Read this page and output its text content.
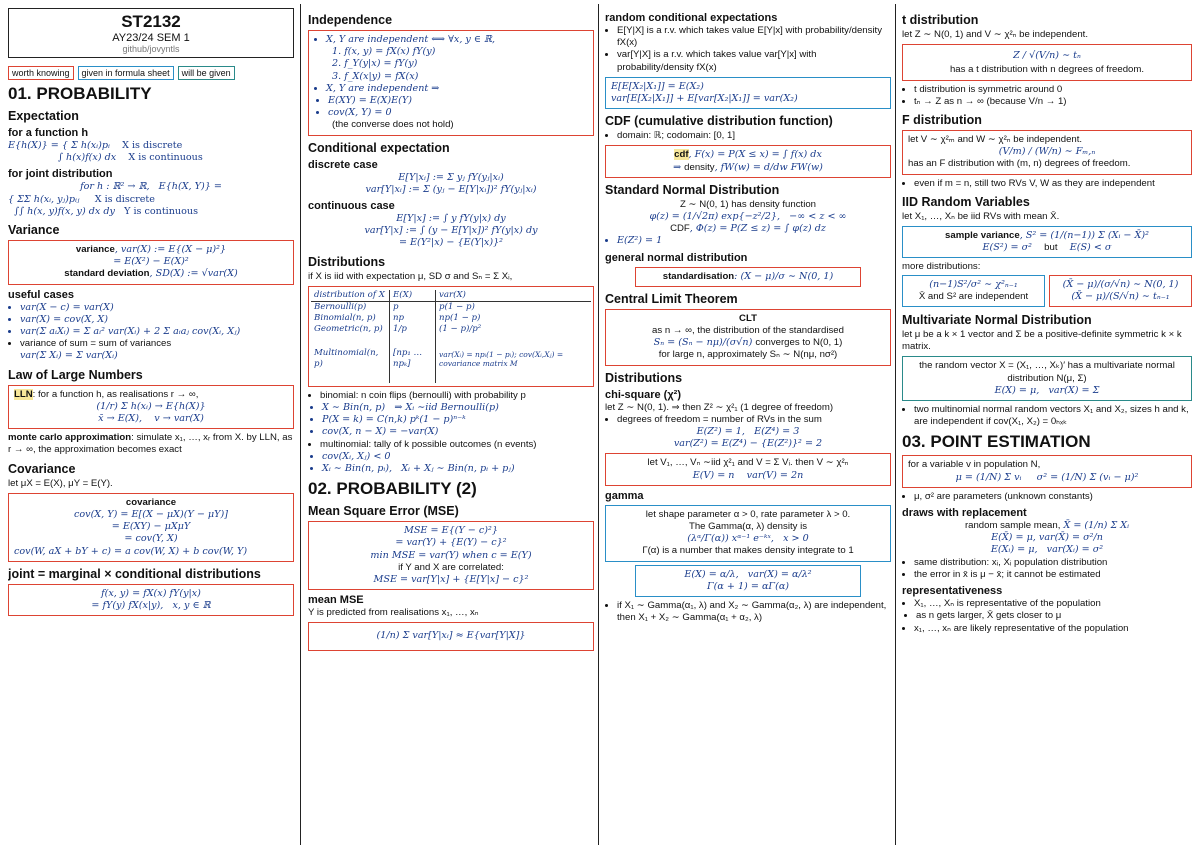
ST2132
AY23/24 SEM 1
github/jovyntls
worth knowing	given in formula sheet	will be given
01. PROBABILITY
Expectation
for a function h

E{h(X)} = { Σ h(xᵢ)pᵢ    X is discrete

∫ h(x)f(x) dx    X is continuous

for joint distribution

for h : ℝ² → ℝ,   E{h(X, Y)} =

{ ΣΣ h(xᵢ, yⱼ)pᵢⱼ     X is discrete

∫∫ h(x, y)f(x, y) dx dy   Y is continuous

Variance

variance, var(X) := E{(X − μ)²}

= E(X²) − E(X)²

standard deviation, SD(X) := √var(X)

useful cases
• var(X − c) = var(X)
• var(X) = cov(X, X)
• var(Σ aᵢXᵢ) = Σ aᵢ² var(Xᵢ) + 2 Σ aᵢaⱼ cov(Xᵢ, Xⱼ)
• variance of sum = sum of variances
var(Σ Xᵢ) = Σ var(Xᵢ)
Law of Large Numbers

LLN: for a function h, as realisations r → ∞,

(1/r) Σ h(xᵢ) → E{h(X)}

x̄ → E(X),    v → var(X)

monte carlo approximation: simulate x₁, …, xᵣ from X. by LLN, as r → ∞, the approximation becomes exact

Covariance

let μX = E(X), μY = E(Y).

covariance

cov(X, Y) = E[(X − μX)(Y − μY)]

= E(XY) − μXμY

= cov(Y, X)

cov(W, aX + bY + c) = a cov(W, X) + b cov(W, Y)

joint = marginal × conditional distributions

f(x, y) = fX(x) fY(y|x)

= fY(y) fX(x|y),   x, y ∈ ℝ

Independence
• X, Y are independent ⟺ ∀x, y ∈ ℝ,

1. f(x, y) = fX(x) fY(y)

2. f_Y(y|x) = fY(y)

3. f_X(x|y) = fX(x)

• X, Y are independent ⇒
• E(XY) = E(X)E(Y)
• cov(X, Y) = 0

(the converse does not hold)

Conditional expectation
discrete case

E[Y|xᵢ] := Σ yⱼ fY(yⱼ|xᵢ)

var[Y|xᵢ] := Σ (yⱼ − E[Y|xᵢ])² fY(yⱼ|xᵢ)

continuous case

E[Y|x] := ∫ y fY(y|x) dy

var[Y|x] := ∫ (y − E[Y|x])² fY(y|x) dy

= E(Y²|x) − {E(Y|x)}²

Distributions

if X is iid with expectation μ, SD σ and Sₙ = Σ Xᵢ,

distribution of X	E(X)	var(X)
Bernoulli(p)	p	p(1 − p)
Binomial(n, p)	np	np(1 − p)
Geometric(n, p)	1/p	(1 − p)/p²
Multinomial(n, p)	[np₁ … npₖ]	var(Xᵢ) = npᵢ(1 − pᵢ); cov(Xᵢ,Xⱼ) = covariance matrix M
• binomial: n coin flips (bernoulli) with probability p
• X ∼ Bin(n, p)   ⇒ Xᵢ ∼iid Bernoulli(p)
• P(X = k) = C(n,k) pᵏ(1 − p)ⁿ⁻ᵏ
• cov(X, n − X) = −var(X)
• multinomial: tally of k possible outcomes (n events)
• cov(Xᵢ, Xⱼ) < 0
• Xᵢ ∼ Bin(n, pᵢ),   Xᵢ + Xⱼ ∼ Bin(n, pᵢ + pⱼ)
02. PROBABILITY (2)
Mean Square Error (MSE)

MSE = E{(Y − c)²}

= var(Y) + {E(Y) − c}²

min MSE = var(Y) when c = E(Y)

if Y and X are correlated:

MSE = var[Y|x] + {E[Y|x] − c}²

mean MSE

Y is predicted from realisations x₁, …, xₙ

(1/n) Σ var[Y|xᵢ] ≈ E{var[Y|X]}

random conditional expectations
• E[Y|X] is a r.v. which takes value E[Y|x] with probability/density fX(x)
• var[Y|X] is a r.v. which takes value var[Y|x] with probability/density fX(x)

E[E[X₂|X₁]] = E(X₂)

var[E[X₂|X₁]] + E[var[X₂|X₁]] = var(X₂)

CDF (cumulative distribution function)
• domain: ℝ; codomain: [0, 1]

cdf, F(x) = P(X ≤ x) = ∫ f(x) dx

⇒ density, fW(w) = d/dw FW(w)

Standard Normal Distribution

Z ∼ N(0, 1) has density function

φ(z) = (1/√2π) exp{−z²/2},   −∞ < z < ∞

CDF, Φ(z) = P(Z ≤ z) = ∫ φ(z) dz

• E(Z²) = 1
general normal distribution

standardisation: (X − μ)/σ ∼ N(0, 1)

Central Limit Theorem

CLT

as n → ∞, the distribution of the standardised

Sₙ = (Sₙ − nμ)/(σ√n) converges to N(0, 1)

for large n, approximately Sₙ ∼ N(nμ, nσ²)

Distributions
chi-square (χ²)

let Z ∼ N(0, 1). ⇒ then Z² ∼ χ²₁ (1 degree of freedom)

• degrees of freedom = number of RVs in the sum

E(Z²) = 1,   E(Z⁴) = 3

var(Z²) = E(Z⁴) − {E(Z²)}² = 2

let V₁, …, Vₙ ∼iid χ²₁ and V = Σ Vᵢ. then V ∼ χ²ₙ

E(V) = n    var(V) = 2n

gamma

let shape parameter α > 0, rate parameter λ > 0.

The Gamma(α, λ) density is

(λᵅ/Γ(α)) xᵅ⁻¹ e⁻ᵏˣ,   x > 0

Γ(α) is a number that makes density integrate to 1

E(X) = α/λ,   var(X) = α/λ²

Γ(α + 1) = αΓ(α)

• if X₁ ∼ Gamma(α₁, λ) and X₂ ∼ Gamma(α₂, λ) are independent, then X₁ + X₂ ∼ Gamma(α₁ + α₂, λ)
t distribution

let Z ∼ N(0, 1) and V ∼ χ²ₙ be independent.

Z / √(V/n) ∼ tₙ

has a t distribution with n degrees of freedom.

• t distribution is symmetric around 0
• tₙ → Z as n → ∞ (because V/n → 1)
F distribution

let V ∼ χ²ₘ and W ∼ χ²ₙ be independent.

(V/m) / (W/n) ∼ Fₘ,ₙ

has an F distribution with (m, n) degrees of freedom.

• even if m = n, still two RVs V, W as they are independent
IID Random Variables

let X₁, …, Xₙ be iid RVs with mean X̄.

sample variance, S² = (1/(n−1)) Σ (Xᵢ − X̄)²

E(S²) = σ²    but    E(S) < σ

more distributions:

(n−1)S²/σ² ∼ χ²ₙ₋₁

X̄ and S² are independent

(X̄ − μ)/(σ/√n) ∼ N(0, 1)

(X̄ − μ)/(S/√n) ∼ tₙ₋₁

Multivariate Normal Distribution

let μ be a k × 1 vector and Σ be a positive-definite symmetric k × k matrix.

the random vector X = (X₁, …, Xₖ)′ has a multivariate normal distribution N(μ, Σ)

E(X) = μ,   var(X) = Σ

• two multinomial normal random vectors X₁ and X₂, sizes h and k, are independent if cov(X₁, X₂) = 0ₕₓₖ
03. POINT ESTIMATION

for a variable v in population N,

μ = (1/N) Σ vᵢ     σ² = (1/N) Σ (vᵢ − μ)²

• μ, σ² are parameters (unknown constants)
draws with replacement

random sample mean, X̄ = (1/n) Σ Xᵢ

E(X̄) = μ, var(X̄) = σ²/n

E(Xᵢ) = μ,   var(Xᵢ) = σ²

• same distribution: xᵢ, Xᵢ population distribution
• the error in x̄ is μ − x̄; it cannot be estimated
representativeness
• X₁, …, Xₙ is representative of the population
• as n gets larger, X̄ gets closer to μ
• x₁, …, xₙ are likely representative of the population
